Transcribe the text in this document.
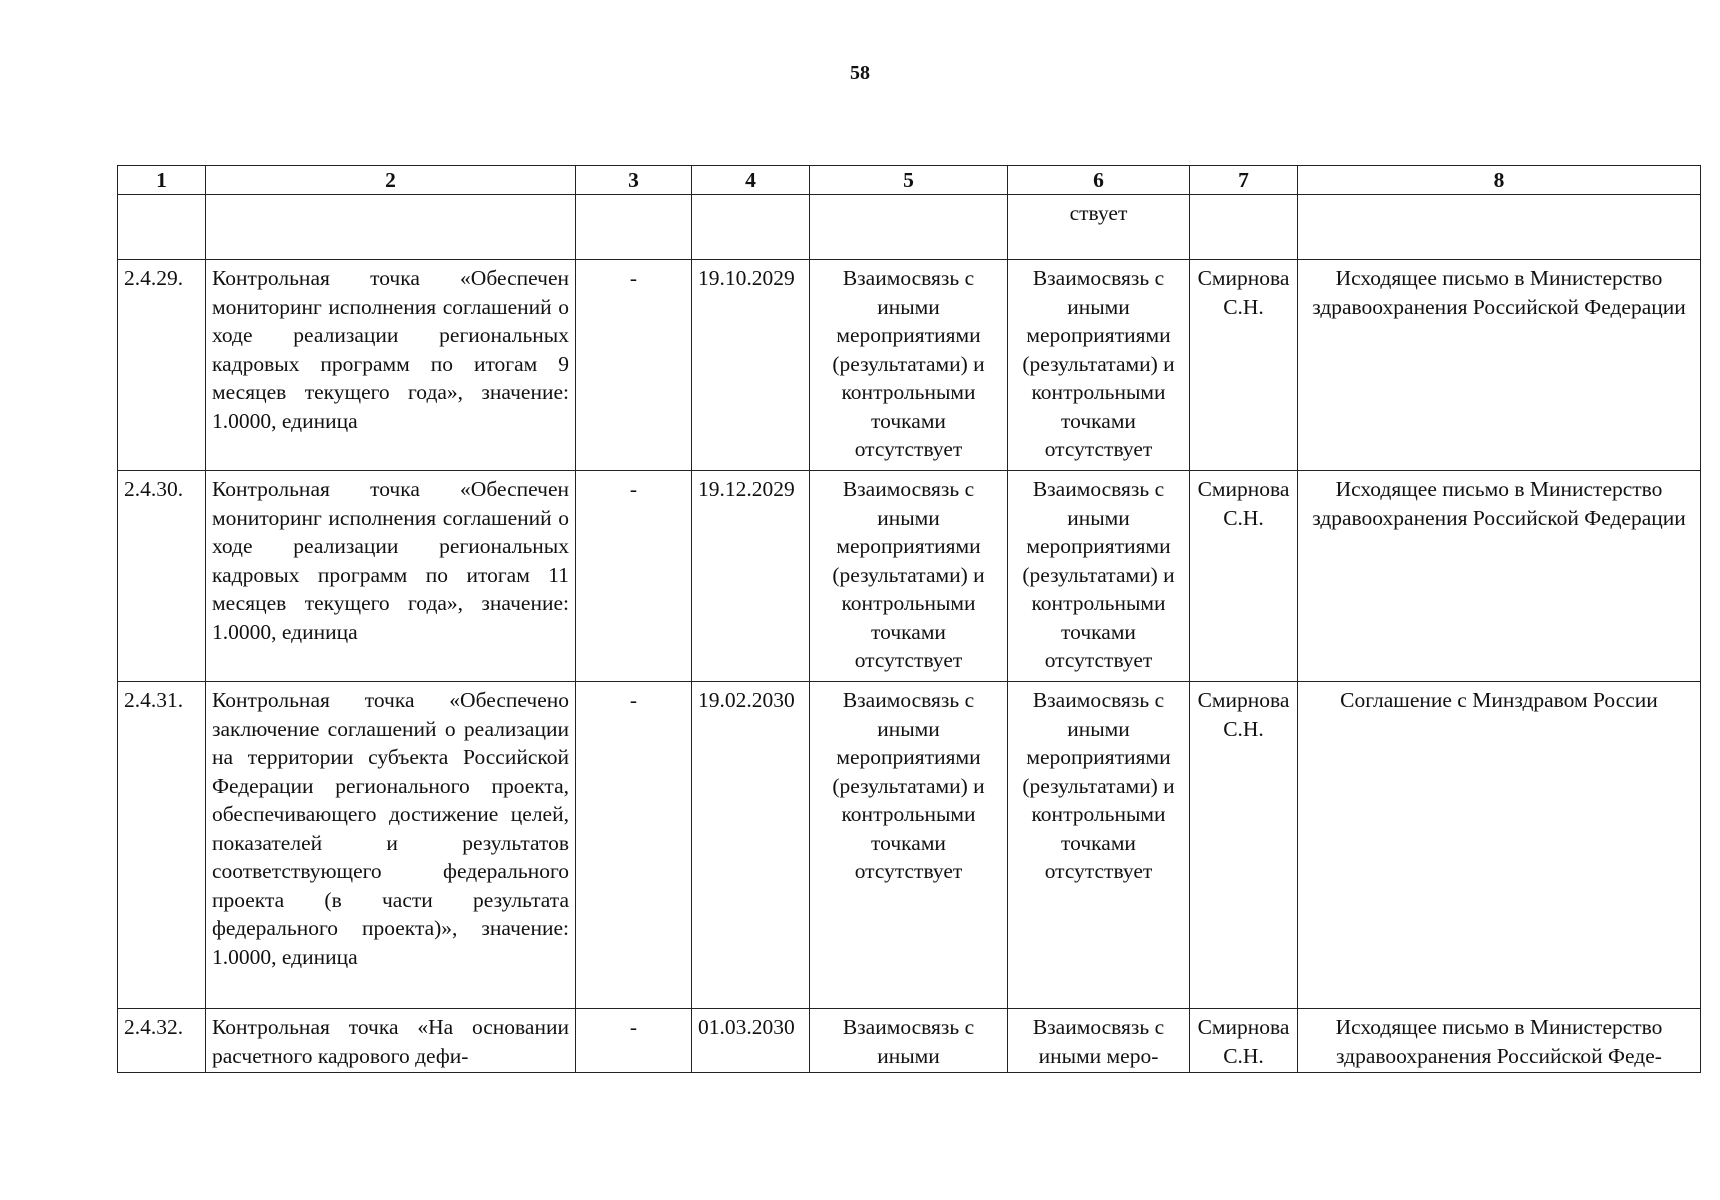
58
1	2	3	4	5	6	7	8
					ствует		
2.4.29.	Контрольная точка «Обеспечен мониторинг исполнения соглашений о ходе реализации региональных кадровых программ по итогам 9 месяцев текущего года», значение: 1.0000, единица	-	19.10.2029	Взаимосвязь с иными мероприятиями (результатами) и контрольными точками отсутствует	Взаимосвязь с иными мероприятиями (результатами) и контрольными точками отсутствует	Смирнова С.Н.	Исходящее письмо в Министерство здравоохранения Российской Федерации
2.4.30.	Контрольная точка «Обеспечен мониторинг исполнения соглашений о ходе реализации региональных кадровых программ по итогам 11 месяцев текущего года», значение: 1.0000, единица	-	19.12.2029	Взаимосвязь с иными мероприятиями (результатами) и контрольными точками отсутствует	Взаимосвязь с иными мероприятиями (результатами) и контрольными точками отсутствует	Смирнова С.Н.	Исходящее письмо в Министерство здравоохранения Российской Федерации
2.4.31.	Контрольная точка «Обеспечено заключение соглашений о реализации на территории субъекта Российской Федерации регионального проекта, обеспечивающего достижение целей, показателей и результатов соответствующего федерального проекта (в части результата федерального проекта)», значение: 1.0000, единица	-	19.02.2030	Взаимосвязь с иными мероприятиями (результатами) и контрольными точками отсутствует	Взаимосвязь с иными мероприятиями (результатами) и контрольными точками отсутствует	Смирнова С.Н.	Соглашение с Минздравом России
2.4.32.	Контрольная точка «На основании расчетного кадрового дефи-	-	01.03.2030	Взаимосвязь с иными	Взаимосвязь с иными меро-	Смирнова С.Н.	Исходящее письмо в Министерство здравоохранения Российской Феде-
